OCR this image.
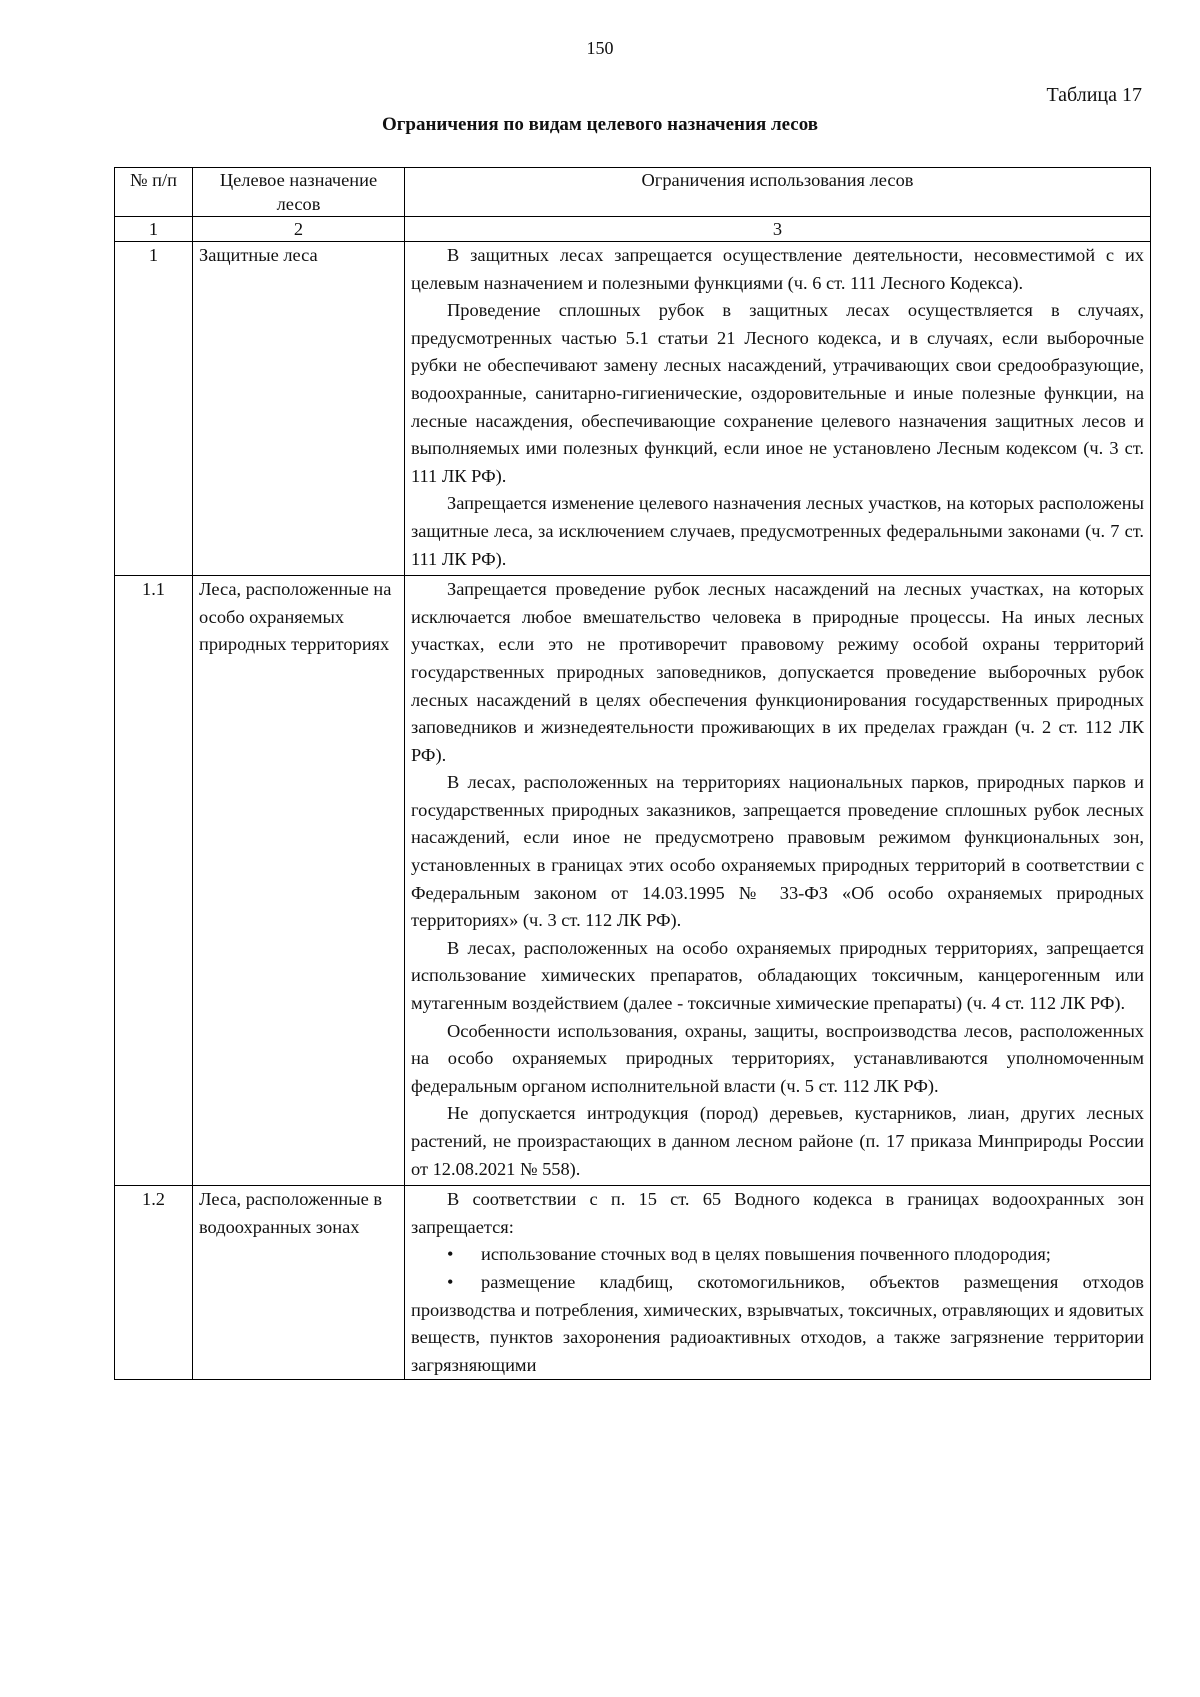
150
Таблица 17
Ограничения по видам целевого назначения лесов
№ п/п	Целевое назначение лесов	Ограничения использования лесов
1	2	3
1	Защитные леса	В защитных лесах запрещается осуществление деятельности, несовместимой с их целевым назначением и полезными функциями (ч. 6 ст. 111 Лесного Кодекса).

Проведение сплошных рубок в защитных лесах осуществляется в случаях, предусмотренных частью 5.1 статьи 21 Лесного кодекса, и в случаях, если выборочные рубки не обеспечивают замену лесных насаждений, утрачивающих свои средообразующие, водоохранные, санитарно-гигиенические, оздоровительные и иные полезные функции, на лесные насаждения, обеспечивающие сохранение целевого назначения защитных лесов и выполняемых ими полезных функций, если иное не установлено Лесным кодексом (ч. 3 ст. 111 ЛК РФ).

Запрещается изменение целевого назначения лесных участков, на которых расположены защитные леса, за исключением случаев, предусмотренных федеральными законами (ч. 7 ст. 111 ЛК РФ).

1.1	Леса, расположенные на особо охраняемых природных территориях	Запрещается проведение рубок лесных насаждений на лесных участках, на которых исключается любое вмешательство человека в природные процессы. На иных лесных участках, если это не противоречит правовому режиму особой охраны территорий государственных природных заповедников, допускается проведение выборочных рубок лесных насаждений в целях обеспечения функционирования государственных природных заповедников и жизнедеятельности проживающих в их пределах граждан (ч. 2 ст. 112 ЛК РФ).

В лесах, расположенных на территориях национальных парков, природных парков и государственных природных заказников, запрещается проведение сплошных рубок лесных насаждений, если иное не предусмотрено правовым режимом функциональных зон, установленных в границах этих особо охраняемых природных территорий в соответствии с Федеральным законом от 14.03.1995 № 33-ФЗ «Об особо охраняемых природных территориях» (ч. 3 ст. 112 ЛК РФ).

В лесах, расположенных на особо охраняемых природных территориях, запрещается использование химических препаратов, обладающих токсичным, канцерогенным или мутагенным воздействием (далее - токсичные химические препараты) (ч. 4 ст. 112 ЛК РФ).

Особенности использования, охраны, защиты, воспроизводства лесов, расположенных на особо охраняемых природных территориях, устанавливаются уполномоченным федеральным органом исполнительной власти (ч. 5 ст. 112 ЛК РФ).

Не допускается интродукция (пород) деревьев, кустарников, лиан, других лесных растений, не произрастающих в данном лесном районе (п. 17 приказа Минприроды России от 12.08.2021 № 558).

1.2	Леса, расположенные в водоохранных зонах	В соответствии с п. 15 ст. 65 Водного кодекса в границах водоохранных зон запрещается:

• использование сточных вод в целях повышения почвенного плодородия;

• размещение кладбищ, скотомогильников, объектов размещения отходов производства и потребления, химических, взрывчатых, токсичных, отравляющих и ядовитых веществ, пунктов захоронения радиоактивных отходов, а также загрязнение территории загрязняющими
